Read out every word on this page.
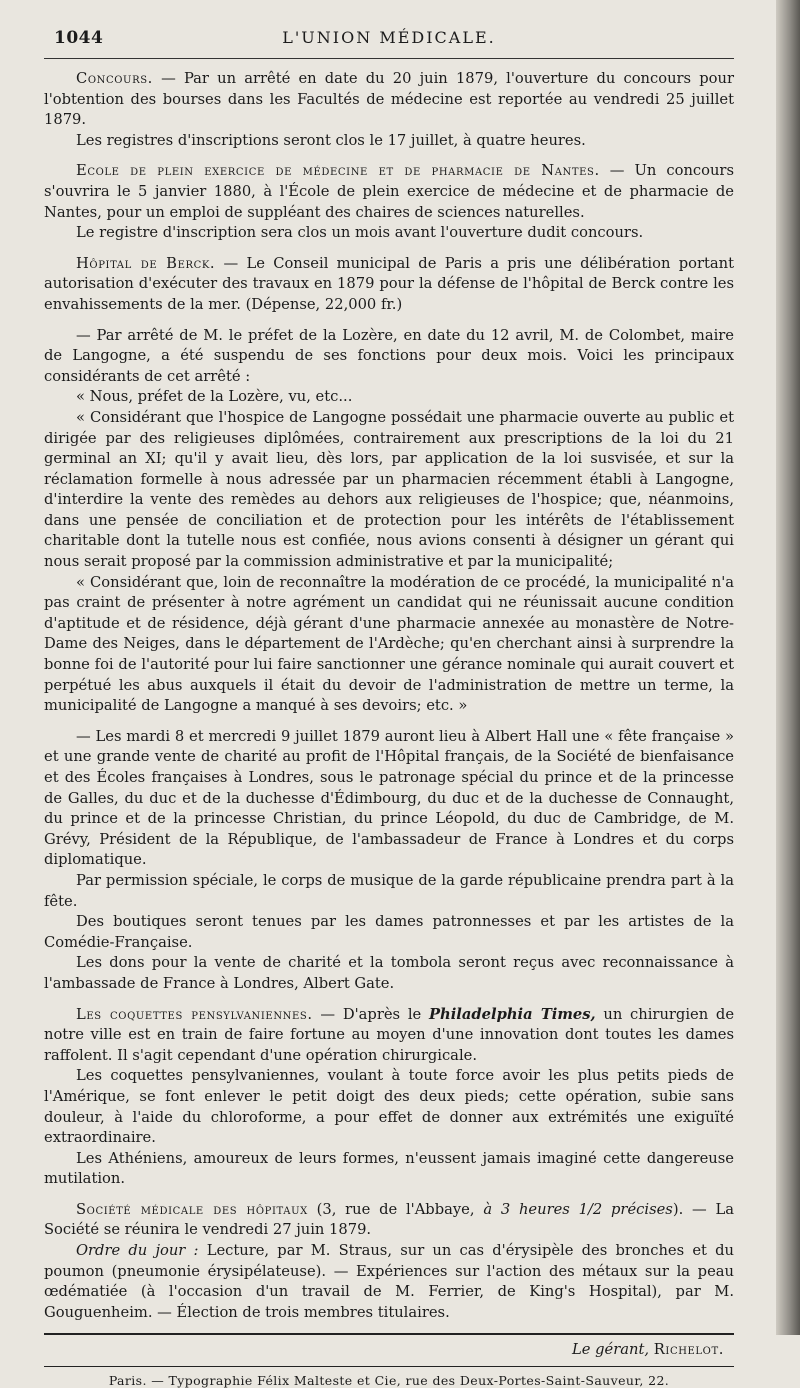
1044	L'UNION MÉDICALE.

Concours. — Par un arrêté en date du 20 juin 1879, l'ouverture du concours pour l'obtention des bourses dans les Facultés de médecine est reportée au vendredi 25 juillet 1879.

Les registres d'inscriptions seront clos le 17 juillet, à quatre heures.

Ecole de plein exercice de médecine et de pharmacie de Nantes. — Un concours s'ouvrira le 5 janvier 1880, à l'École de plein exercice de médecine et de pharmacie de Nantes, pour un emploi de suppléant des chaires de sciences naturelles.

Le registre d'inscription sera clos un mois avant l'ouverture dudit concours.

Hôpital de Berck. — Le Conseil municipal de Paris a pris une délibération portant autorisation d'exécuter des travaux en 1879 pour la défense de l'hôpital de Berck contre les envahissements de la mer. (Dépense, 22,000 fr.)

— Par arrêté de M. le préfet de la Lozère, en date du 12 avril, M. de Colombet, maire de Langogne, a été suspendu de ses fonctions pour deux mois. Voici les principaux considérants de cet arrêté :

« Nous, préfet de la Lozère, vu, etc...

« Considérant que l'hospice de Langogne possédait une pharmacie ouverte au public et dirigée par des religieuses diplômées, contrairement aux prescriptions de la loi du 21 germinal an XI; qu'il y avait lieu, dès lors, par application de la loi susvisée, et sur la réclamation formelle à nous adressée par un pharmacien récemment établi à Langogne, d'interdire la vente des remèdes au dehors aux religieuses de l'hospice; que, néanmoins, dans une pensée de conciliation et de protection pour les intérêts de l'établissement charitable dont la tutelle nous est confiée, nous avions consenti à désigner un gérant qui nous serait proposé par la commission administrative et par la municipalité;

« Considérant que, loin de reconnaître la modération de ce procédé, la municipalité n'a pas craint de présenter à notre agrément un candidat qui ne réunissait aucune condition d'aptitude et de résidence, déjà gérant d'une pharmacie annexée au monastère de Notre-Dame des Neiges, dans le département de l'Ardèche; qu'en cherchant ainsi à surprendre la bonne foi de l'autorité pour lui faire sanctionner une gérance nominale qui aurait couvert et perpétué les abus auxquels il était du devoir de l'administration de mettre un terme, la municipalité de Langogne a manqué à ses devoirs; etc. »

— Les mardi 8 et mercredi 9 juillet 1879 auront lieu à Albert Hall une « fête française » et une grande vente de charité au profit de l'Hôpital français, de la Société de bienfaisance et des Écoles françaises à Londres, sous le patronage spécial du prince et de la princesse de Galles, du duc et de la duchesse d'Édimbourg, du duc et de la duchesse de Connaught, du prince et de la princesse Christian, du prince Léopold, du duc de Cambridge, de M. Grévy, Président de la République, de l'ambassadeur de France à Londres et du corps diplomatique.

Par permission spéciale, le corps de musique de la garde républicaine prendra part à la fête.

Des boutiques seront tenues par les dames patronnesses et par les artistes de la Comédie-Française.

Les dons pour la vente de charité et la tombola seront reçus avec reconnaissance à l'ambassade de France à Londres, Albert Gate.

Les coquettes pensylvaniennes. — D'après le Philadelphia Times, un chirurgien de notre ville est en train de faire fortune au moyen d'une innovation dont toutes les dames raffolent. Il s'agit cependant d'une opération chirurgicale.

Les coquettes pensylvaniennes, voulant à toute force avoir les plus petits pieds de l'Amérique, se font enlever le petit doigt des deux pieds; cette opération, subie sans douleur, à l'aide du chloroforme, a pour effet de donner aux extrémités une exiguïté extraordinaire.

Les Athéniens, amoureux de leurs formes, n'eussent jamais imaginé cette dangereuse mutilation.

Société médicale des hôpitaux (3, rue de l'Abbaye, à 3 heures 1/2 précises). — La Société se réunira le vendredi 27 juin 1879.

Ordre du jour : Lecture, par M. Straus, sur un cas d'érysipèle des bronches et du poumon (pneumonie érysipélateuse). — Expériences sur l'action des métaux sur la peau œdématiée (à l'occasion d'un travail de M. Ferrier, de King's Hospital), par M. Gouguenheim. — Élection de trois membres titulaires.

Le gérant, Richelot.
Paris. — Typographie Félix Malteste et Cie, rue des Deux-Portes-Saint-Sauveur, 22.
